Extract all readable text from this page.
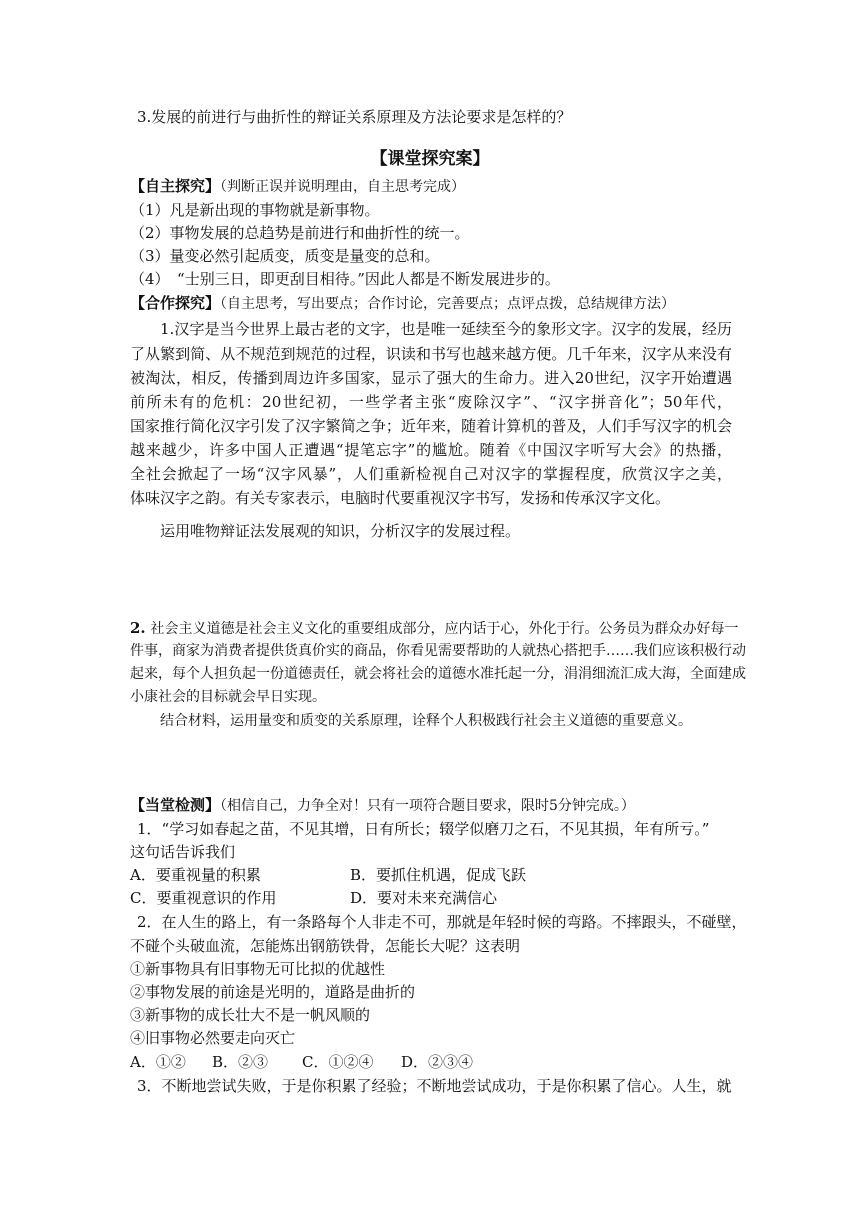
3.发展的前进行与曲折性的辩证关系原理及方法论要求是怎样的？
【课堂探究案】
【自主探究】（判断正误并说明理由，自主思考完成）
（1）凡是新出现的事物就是新事物。
（2）事物发展的总趋势是前进行和曲折性的统一。
（3）量变必然引起质变，质变是量变的总和。
（4）　“士别三日，即更刮目相待。”因此人都是不断发展进步的。
【合作探究】（自主思考，写出要点；合作讨论，完善要点；点评点拨，总结规律方法）
1.汉字是当今世界上最古老的文字，也是唯一延续至今的象形文字。汉字的发展，经历
了从繁到简、从不规范到规范的过程，识读和书写也越来越方便。几千年来，汉字从来没有
被淘汰，相反，传播到周边许多国家，显示了强大的生命力。进入20世纪，汉字开始遭遇
前所未有的危机：20世纪初，一些学者主张“废除汉字”、“汉字拼音化”；50年代，
国家推行简化汉字引发了汉字繁简之争；近年来，随着计算机的普及，人们手写汉字的机会
越来越少，许多中国人正遭遇“提笔忘字”的尴尬。随着《中国汉字听写大会》的热播，
全社会掀起了一场“汉字风暴”，人们重新检视自己对汉字的掌握程度，欣赏汉字之美，
体味汉字之韵。有关专家表示，电脑时代要重视汉字书写，发扬和传承汉字文化。
运用唯物辩证法发展观的知识，分析汉字的发展过程。
2. 社会主义道德是社会主义文化的重要组成部分，应内话于心，外化于行。公务员为群众办好每一
件事，商家为消费者提供货真价实的商品，你看见需要帮助的人就热心搭把手……我们应该积极行动
起来，每个人担负起一份道德责任，就会将社会的道德水准托起一分，涓涓细流汇成大海，全面建成
小康社会的目标就会早日实现。
结合材料，运用量变和质变的关系原理，诠释个人积极践行社会主义道德的重要意义。
【当堂检测】（相信自己，力争全对！只有一项符合题目要求，限时5分钟完成。）
1．“学习如春起之苗，不见其增，日有所长；辍学似磨刀之石，不见其损，年有所亏。”
这句话告诉我们
A．要重视量的积累	B．要抓住机遇，促成飞跃
C．要重视意识的作用	D．要对未来充满信心
2．在人生的路上，有一条路每个人非走不可，那就是年轻时候的弯路。不摔跟头，不碰壁，
不碰个头破血流，怎能炼出钢筋铁骨，怎能长大呢？这表明
①新事物具有旧事物无可比拟的优越性
②事物发展的前途是光明的，道路是曲折的
③新事物的成长壮大不是一帆风顺的
④旧事物必然要走向灭亡
A．①② B．②③ C．①②④ D．②③④
3．不断地尝试失败，于是你积累了经验；不断地尝试成功，于是你积累了信心。人生，就
